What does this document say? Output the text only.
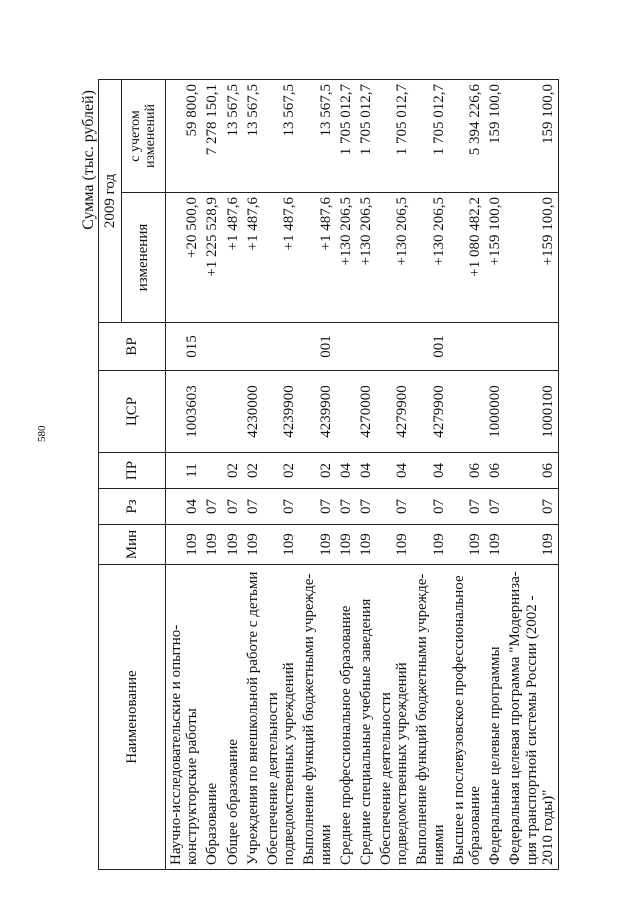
580
Сумма (тыс. рублей)
Наименование	Мин	Рз	ПР	ЦСР	ВР	2009 год		
						изменения	с учетом изменений	

Научно-исследовательские и опытно-конструкторские работы	109	04	11	1003603	015	+20 500,0	59 800,0	
Образование	109	07				+1 225 528,9	7 278 150,1	
Общее образование	109	07	02			+1 487,6	13 567,5	
Учреждения по внешкольной работе с детьми	109	07	02	4230000		+1 487,6	13 567,5	
Обеспечение деятельности подведомственных учреждений	109	07	02	4239900		+1 487,6	13 567,5	
Выполнение функций бюджетными учрежде-ниями	109	07	02	4239900	001	+1 487,6	13 567,5	
Среднее профессиональное образование	109	07	04			+130 206,5	1 705 012,7	
Средние специальные учебные заведения	109	07	04	4270000		+130 206,5	1 705 012,7	
Обеспечение деятельности подведомственных учреждений	109	07	04	4279900		+130 206,5	1 705 012,7	
Выполнение функций бюджетными учрежде-ниями	109	07	04	4279900	001	+130 206,5	1 705 012,7	
Высшее и послевузовское профессиональное образование	109	07	06			+1 080 482,2	5 394 226,6	
Федеральные целевые программы	109	07	06	1000000		+159 100,0	159 100,0	
Федеральная целевая программа "Модерниза-ция транспортной системы России (2002 - 2010 годы)"	109	07	06	1000100		+159 100,0	159 100,0	
